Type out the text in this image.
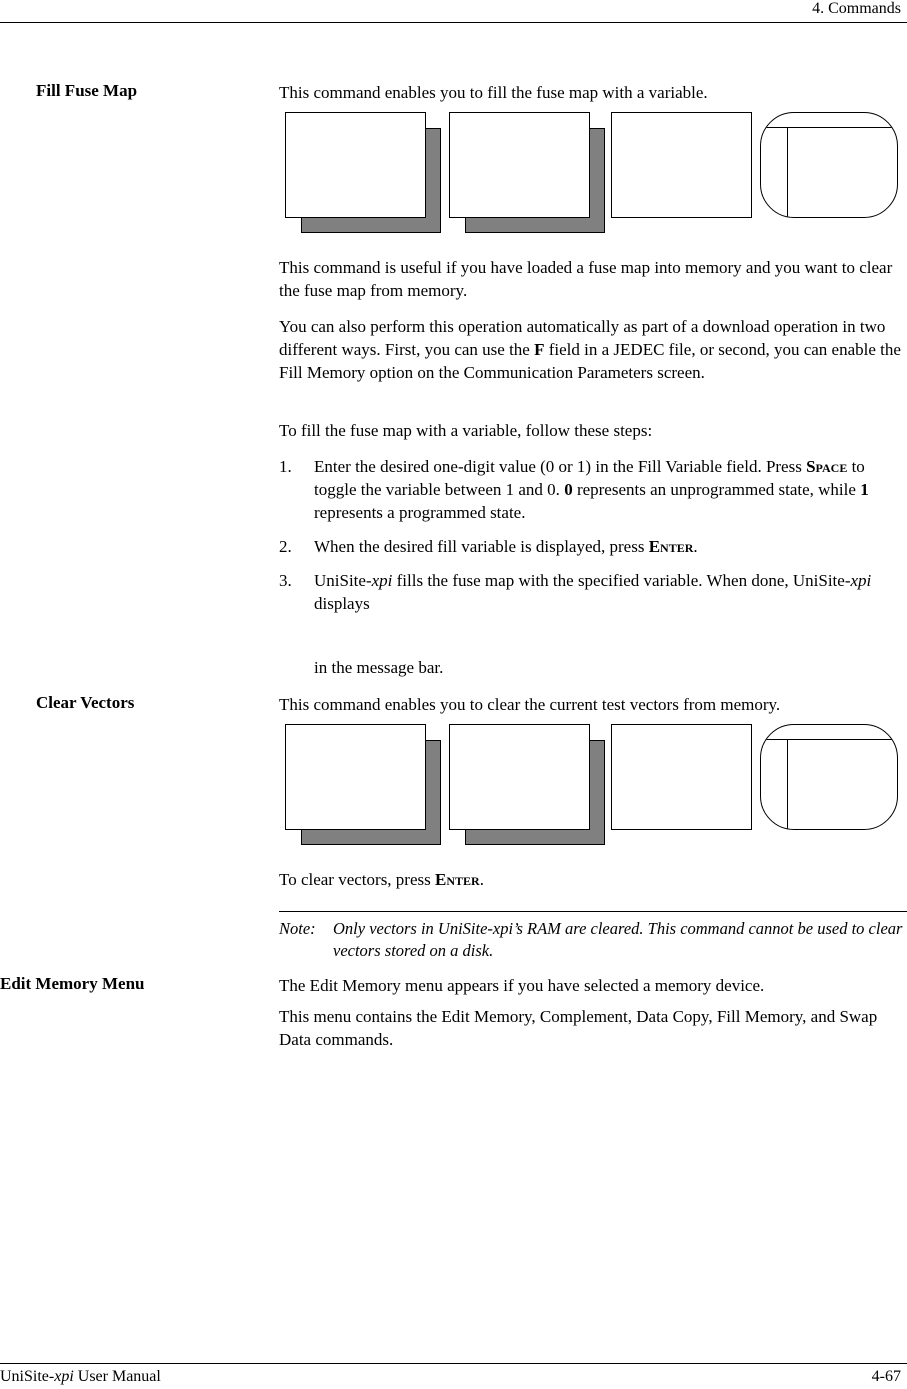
4. Commands
Fill Fuse Map	This command enables you to fill the fuse map with a variable.
This command is useful if you have loaded a fuse map into memory and you want to clear the fuse map from memory.
You can also perform this operation automatically as part of a download operation in two different ways. First, you can use the F field in a JEDEC file, or second, you can enable the Fill Memory option on the Communication Parameters screen.
To fill the fuse map with a variable, follow these steps:
1. Enter the desired one-digit value (0 or 1) in the Fill Variable field. Press Space to toggle the variable between 1 and 0. 0 represents an unprogrammed state, while 1 represents a programmed state.
2. When the desired fill variable is displayed, press Enter.
3. UniSite-xpi fills the fuse map with the specified variable. When done, UniSite-xpi displays
in the message bar.
Clear Vectors	This command enables you to clear the current test vectors from memory.
To clear vectors, press Enter.
Note: Only vectors in UniSite-xpi’s RAM are cleared. This command cannot be used to clear vectors stored on a disk.
Edit Memory Menu	The Edit Memory menu appears if you have selected a memory device.
This menu contains the Edit Memory, Complement, Data Copy, Fill Memory, and Swap Data commands.
UniSite-xpi User Manual	4-67
